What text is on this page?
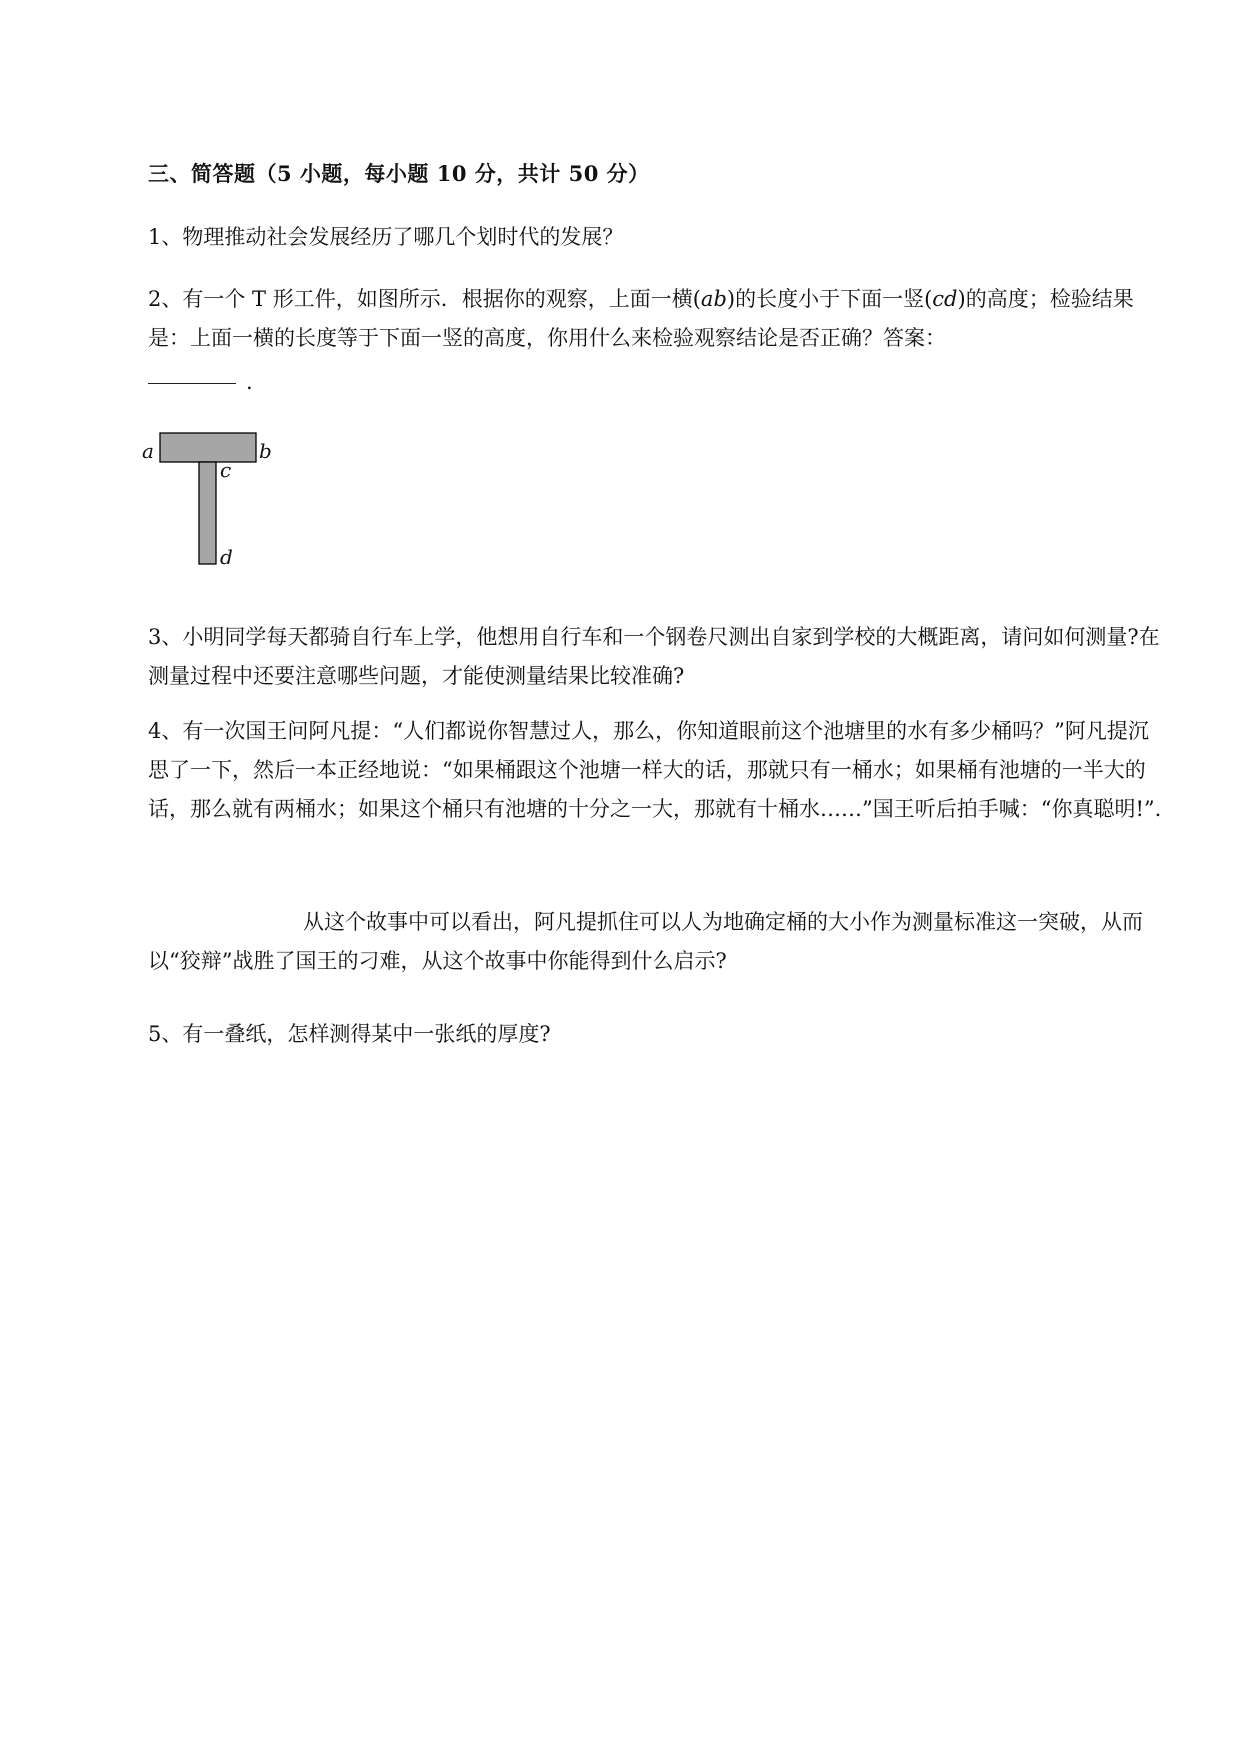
三、简答题（5 小题，每小题 10 分，共计 50 分）

1、物理推动社会发展经历了哪几个划时代的发展？

2、有一个 T 形工件，如图所示．根据你的观察，上面一横(ab)的长度小于下面一竖(cd)的高度；检验结果是：上面一横的长度等于下面一竖的高度，你用什么来检验观察结论是否正确？答案：

.
a	b
c
d

3、小明同学每天都骑自行车上学，他想用自行车和一个钢卷尺测出自家到学校的大概距离，请问如何测量?在测量过程中还要注意哪些问题，才能使测量结果比较准确?

4、有一次国王问阿凡提：“人们都说你智慧过人，那么，你知道眼前这个池塘里的水有多少桶吗？”阿凡提沉思了一下，然后一本正经地说：“如果桶跟这个池塘一样大的话，那就只有一桶水；如果桶有池塘的一半大的话，那么就有两桶水；如果这个桶只有池塘的十分之一大，那就有十桶水……”国王听后拍手喊：“你真聪明!”.

从这个故事中可以看出，阿凡提抓住可以人为地确定桶的大小作为测量标准这一突破，从而以“狡辩”战胜了国王的刁难，从这个故事中你能得到什么启示?

5、有一叠纸，怎样测得某中一张纸的厚度?
